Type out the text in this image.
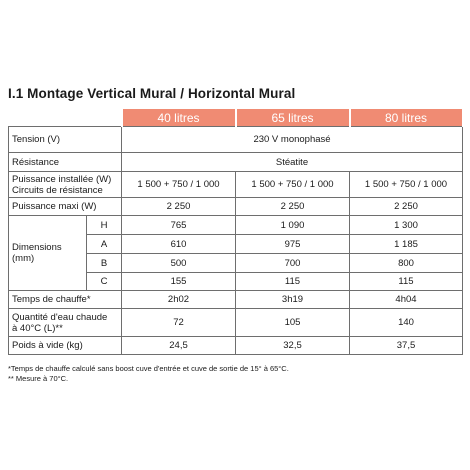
I.1 Montage Vertical Mural / Horizontal Mural
		40 litres	65 litres	80 litres
Tension (V)		230 V monophasé		
Résistance		Stéatite		

Puissance installée (W)
Circuits de résistance		1 500 + 750 / 1 000	1 500 + 750 / 1 000	1 500 + 750 / 1 000
Puissance maxi (W)		2 250	2 250	2 250

Dimensions
(mm)	H	765	1 090	1 300
	A	610	975	1 185
	B	500	700	800
	C	155	115	115
Temps de chauffe*		2h02	3h19	4h04

Quantité d'eau chaude
à 40°C (L)**		72	105	140
Poids à vide (kg)		24,5	32,5	37,5
*Temps de chauffe calculé sans boost cuve d'entrée et cuve de sortie de 15° à 65°C.
** Mesure à 70°C.
